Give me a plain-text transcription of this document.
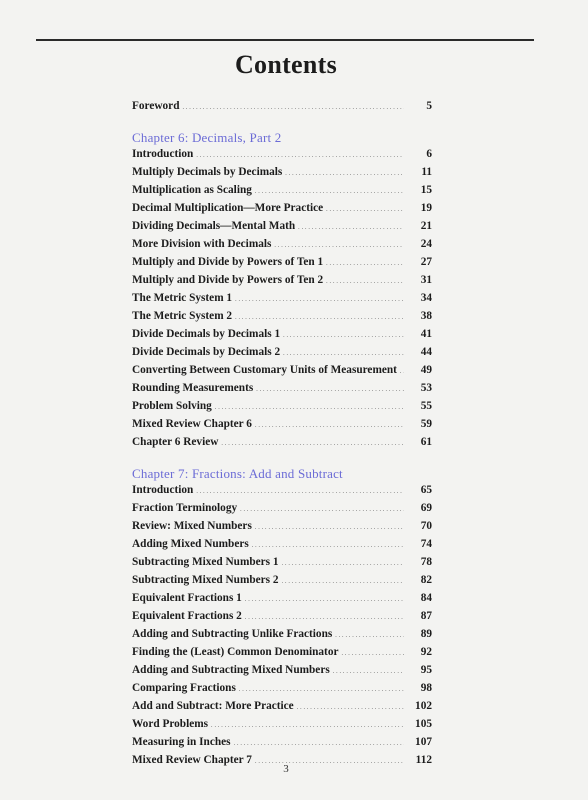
Contents
Foreword . . .	5
Chapter 6: Decimals, Part 2
Introduction . . .	6
Multiply Decimals by Decimals . . .	11
Multiplication as Scaling . . .	15
Decimal Multiplication—More Practice . . .	19
Dividing Decimals—Mental Math . . .	21
More Division with Decimals . . .	24
Multiply and Divide by Powers of Ten 1 . . .	27
Multiply and Divide by Powers of Ten 2 . . .	31
The Metric System 1 . . .	34
The Metric System 2 . . .	38
Divide Decimals by Decimals 1 . . .	41
Divide Decimals by Decimals 2 . . .	44
Converting Between Customary Units of Measurement . . .	49
Rounding Measurements . . .	53
Problem Solving . . .	55
Mixed Review Chapter 6 . . .	59
Chapter 6 Review . . .	61
Chapter 7: Fractions: Add and Subtract
Introduction . . .	65
Fraction Terminology . . .	69
Review: Mixed Numbers . . .	70
Adding Mixed Numbers . . .	74
Subtracting Mixed Numbers 1 . . .	78
Subtracting Mixed Numbers 2 . . .	82
Equivalent Fractions 1 . . .	84
Equivalent Fractions 2 . . .	87
Adding and Subtracting Unlike Fractions . . .	89
Finding the (Least) Common Denominator . . .	92
Adding and Subtracting Mixed Numbers . . .	95
Comparing Fractions . . .	98
Add and Subtract: More Practice . . .	102
Word Problems . . .	105
Measuring in Inches . . .	107
Mixed Review Chapter 7 . . .	112
3
